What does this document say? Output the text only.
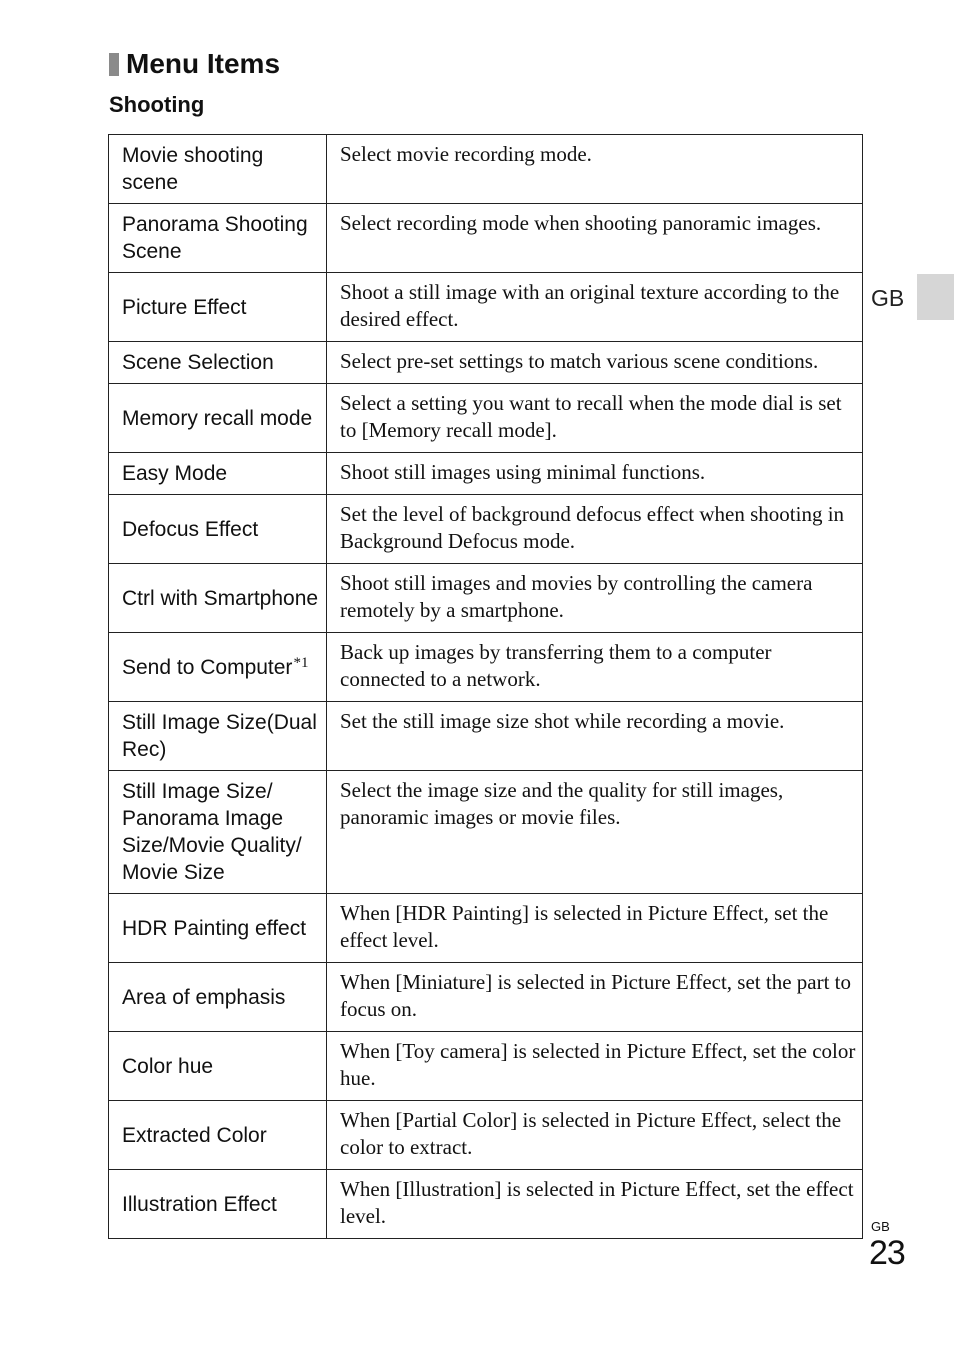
Menu Items
Shooting
Movie shooting scene	Select movie recording mode.
Panorama Shooting Scene	Select recording mode when shooting panoramic images.
Picture Effect	Shoot a still image with an original texture according to the desired effect.
Scene Selection	Select pre-set settings to match various scene conditions.
Memory recall mode	Select a setting you want to recall when the mode dial is set to [Memory recall mode].
Easy Mode	Shoot still images using minimal functions.
Defocus Effect	Set the level of background defocus effect when shooting in Background Defocus mode.
Ctrl with Smartphone	Shoot still images and movies by controlling the camera remotely by a smartphone.
Send to Computer$^{*1}$	Back up images by transferring them to a computer connected to a network.
Still Image Size(Dual Rec)	Set the still image size shot while recording a movie.
Still Image Size/ Panorama Image Size/Movie Quality/ Movie Size	Select the image size and the quality for still images, panoramic images or movie files.
HDR Painting effect	When [HDR Painting] is selected in Picture Effect, set the effect level.
Area of emphasis	When [Miniature] is selected in Picture Effect, set the part to focus on.
Color hue	When [Toy camera] is selected in Picture Effect, set the color hue.
Extracted Color	When [Partial Color] is selected in Picture Effect, select the color to extract.
Illustration Effect	When [Illustration] is selected in Picture Effect, set the effect level.
GB
GB
23
